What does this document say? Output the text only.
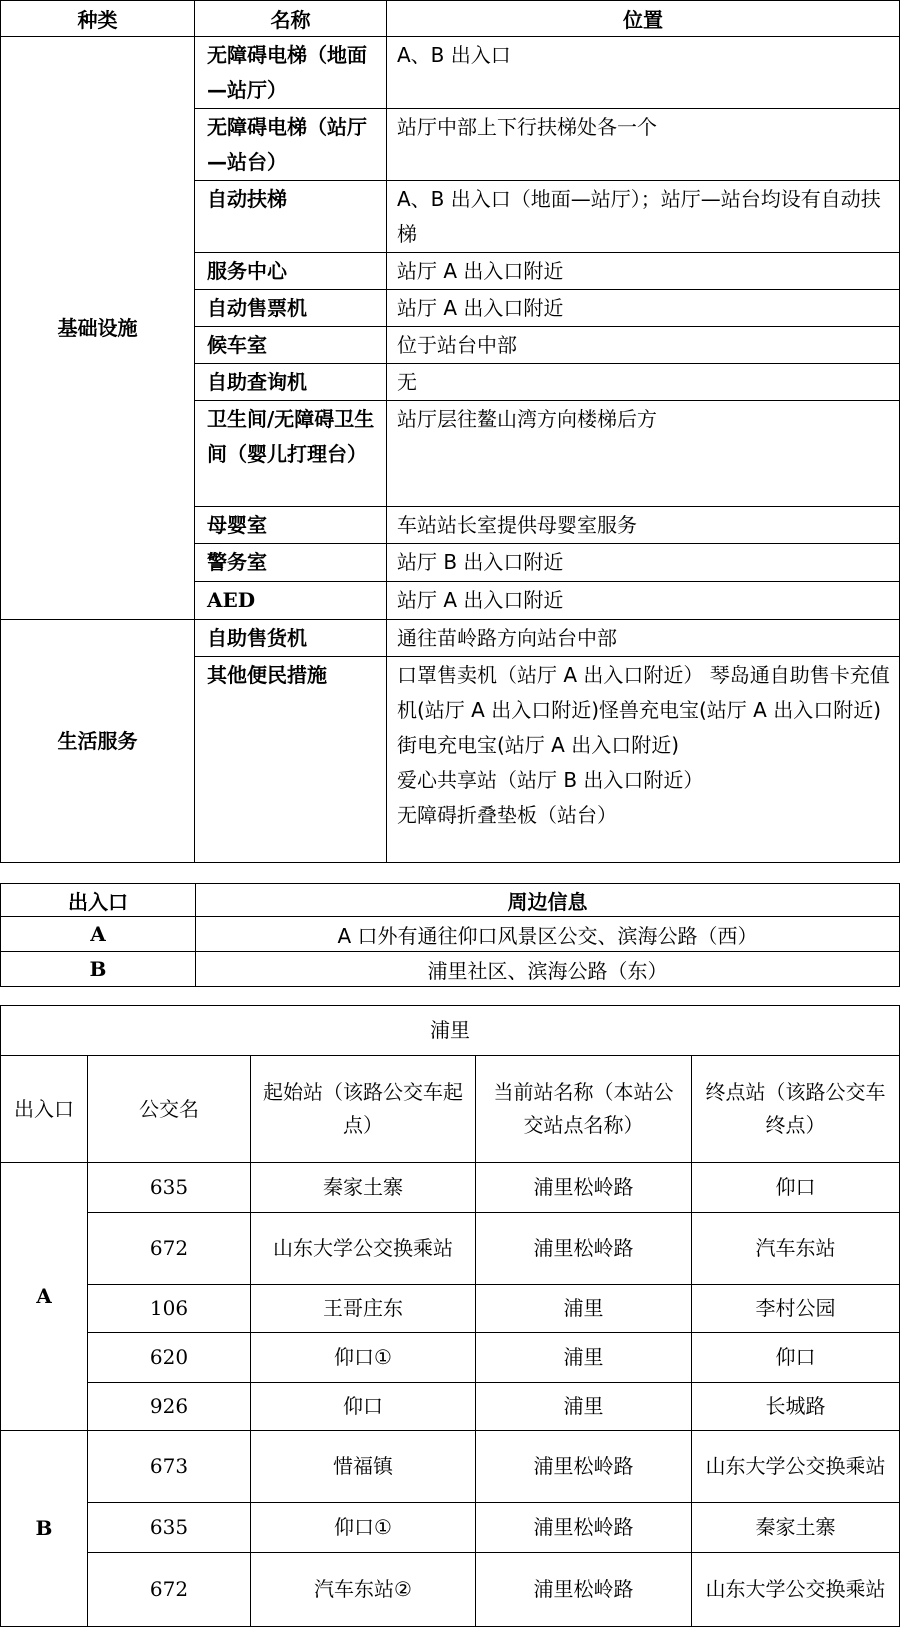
种类	名称	位置
基础设施	无障碍电梯（地面—站厅）	A、B 出入口
	无障碍电梯（站厅—站台）	站厅中部上下行扶梯处各一个
	自动扶梯	A、B 出入口（地面—站厅）；站厅—站台均设有自动扶梯
	服务中心	站厅 A 出入口附近
	自动售票机	站厅 A 出入口附近
	候车室	位于站台中部
	自助查询机	无
	卫生间/无障碍卫生间（婴儿打理台）	站厅层往鳌山湾方向楼梯后方
	母婴室	车站站长室提供母婴室服务
	警务室	站厅 B 出入口附近
	AED	站厅 A 出入口附近
生活服务	自助售货机	通往苗岭路方向站台中部
	其他便民措施	口罩售卖机（站厅 A 出入口附近） 琴岛通自助售卡充值机(站厅 A 出入口附近)怪兽充电宝(站厅 A 出入口附近) 街电充电宝(站厅 A 出入口附近)
爱心共享站（站厅 B 出入口附近）
无障碍折叠垫板（站台）
出入口	周边信息
A	A 口外有通往仰口风景区公交、滨海公路（西）
B	浦里社区、滨海公路（东）
浦里				
出入口	公交名	起始站（该路公交车起点）	当前站名称（本站公交站点名称）	终点站（该路公交车终点）
A	635	秦家土寨	浦里松岭路	仰口
	672	山东大学公交换乘站	浦里松岭路	汽车东站
	106	王哥庄东	浦里	李村公园
	620	仰口①	浦里	仰口
	926	仰口	浦里	长城路
B	673	惜福镇	浦里松岭路	山东大学公交换乘站
	635	仰口①	浦里松岭路	秦家土寨
	672	汽车东站②	浦里松岭路	山东大学公交换乘站
